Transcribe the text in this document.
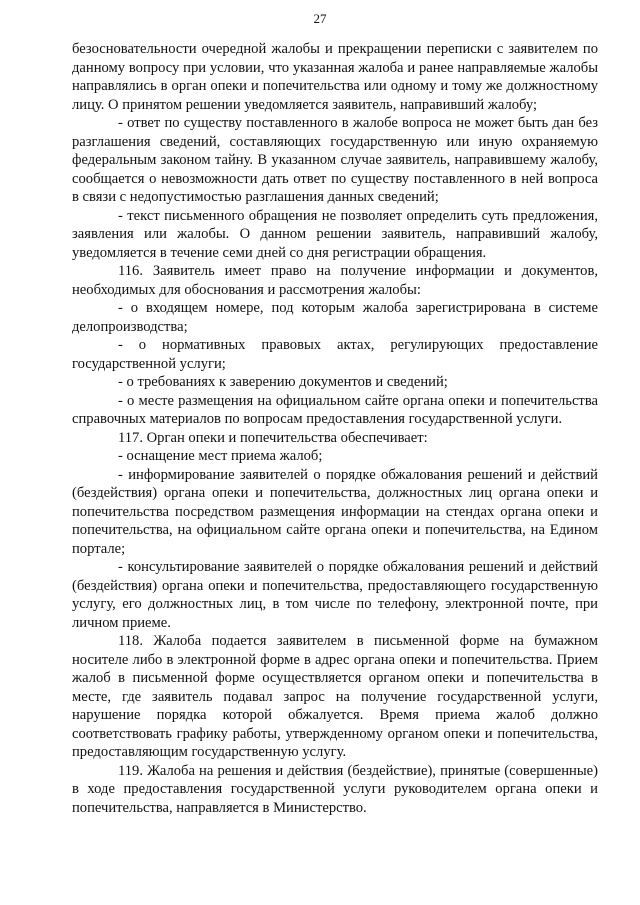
27

безосновательности очередной жалобы и прекращении переписки с заявителем по данному вопросу при условии, что указанная жалоба и ранее направляемые жалобы направлялись в орган опеки и попечительства или одному и тому же должностному лицу. О принятом решении уведомляется заявитель, направивший жалобу;

- ответ по существу поставленного в жалобе вопроса не может быть дан без разглашения сведений, составляющих государственную или иную охраняемую федеральным законом тайну. В указанном случае заявитель, направившему жалобу, сообщается о невозможности дать ответ по существу поставленного в ней вопроса в связи с недопустимостью разглашения данных сведений;

- текст письменного обращения не позволяет определить суть предложения, заявления или жалобы. О данном решении заявитель, направивший жалобу, уведомляется в течение семи дней со дня регистрации обращения.

116. Заявитель имеет право на получение информации и документов, необходимых для обоснования и рассмотрения жалобы:

- о входящем номере, под которым жалоба зарегистрирована в системе делопроизводства;

- о нормативных правовых актах, регулирующих предоставление государственной услуги;

- о требованиях к заверению документов и сведений;

- о месте размещения на официальном сайте органа опеки и попечительства справочных материалов по вопросам предоставления государственной услуги.

117. Орган опеки и попечительства обеспечивает:

- оснащение мест приема жалоб;

- информирование заявителей о порядке обжалования решений и действий (бездействия) органа опеки и попечительства, должностных лиц органа опеки и попечительства посредством размещения информации на стендах органа опеки и попечительства, на официальном сайте органа опеки и попечительства, на Едином портале;

- консультирование заявителей о порядке обжалования решений и действий (бездействия) органа опеки и попечительства, предоставляющего государственную услугу, его должностных лиц, в том числе по телефону, электронной почте, при личном приеме.

118. Жалоба подается заявителем в письменной форме на бумажном носителе либо в электронной форме в адрес органа опеки и попечительства. Прием жалоб в письменной форме осуществляется органом опеки и попечительства в месте, где заявитель подавал запрос на получение государственной услуги, нарушение порядка которой обжалуется. Время приема жалоб должно соответствовать графику работы, утвержденному органом опеки и попечительства, предоставляющим государственную услугу.

119. Жалоба на решения и действия (бездействие), принятые (совершенные) в ходе предоставления государственной услуги руководителем органа опеки и попечительства, направляется в Министерство.
